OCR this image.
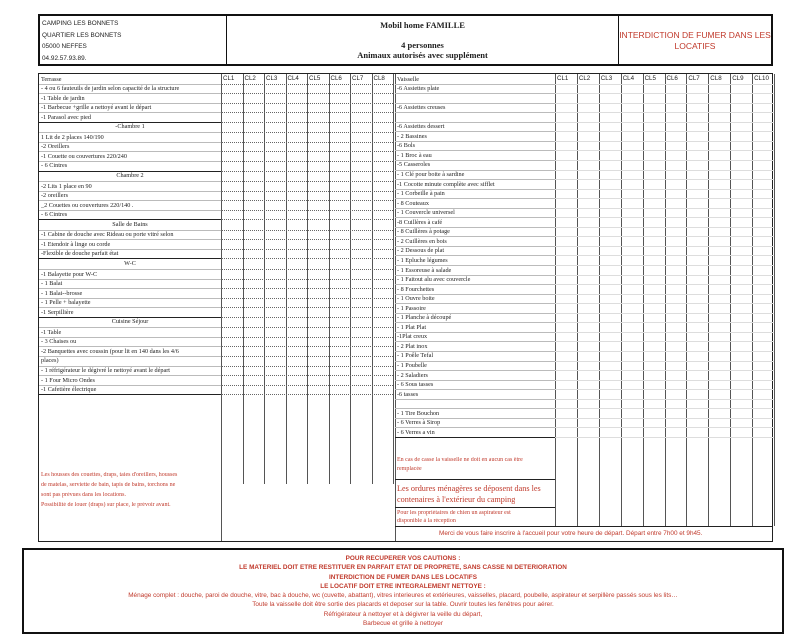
CAMPING LES BONNETS
QUARTIER LES BONNETS
05000 NEFFES
04.92.57.93.89.
Mobil home FAMILLE
4 personnes
Animaux autorisés avec supplément
INTERDICTION DE FUMER DANS LES LOCATIFS
CL1 CL2 CL3 CL4 CL5 CL6 CL7 CL8	CL1 CL2 CL3 CL4 CL5 CL6 CL7 CL8 CL9 CL10
Terrasse
- 4 ou 6 fauteuils de jardin selon capacité de la structure
-1 Table de jardin
-1 Barbecue +grille a nettoyé avant le départ
-1 Parasol avec pied
-Chambre 1
1 Lit de 2 places 140/190
-2 Oreillers
-1 Couette ou couvertures 220/240
- 6 Cintres
Chambre 2
-2 Lits 1 place en 90
-2 oreillers
_2 Couettes ou couvertures 220/140 .
- 6 Cintres
Salle de Bains
-1 Cabine de douche avec Rideau ou porte vitré selon
-1 Etendoir à linge ou corde
-Flexible de douche parfait état
W-C
-1 Balayette pour W-C
- 1 Balai
- 1 Balai--brosse
- 1 Pelle + balayette
-1 Serpillière
Cuisine Séjour
-1 Table
- 3 Chaises ou
-2 Banquettes avec coussin (pour lit en 140 dans les 4/6
places)
- 1 réfrigérateur le dégivré le nettoyé avant le départ
- 1 Four Micro Ondes
-1 Cafetière électrique
Les housses des couettes, draps, taies d'oreillers, housses
de matelas, serviette de bain, tapis de bains, torchons ne
sont pas prévues dans les locations.
Possibilité de louer (draps) sur place, le prévoir avant.
Vaisselle
-6 Assiettes plate
-6 Assiettes creuses
-6 Assiettes dessert
- 2 Bassines
-6 Bols
- 1 Broc à eau
-5 Casseroles
- 1 Clé pour boite à sardine
-1 Cocotte minute complète avec sifflet
- 1 Corbeille à pain
- 8 Couteaux
- 1 Couvercle universel
-8 Cuillères à café
- 8 Cuillères à potage
- 2 Cuillères en bois
- 2 Dessous de plat
- 1 Epluche légumes
- 1 Essoreuse à salade
- 1 Faitout alu avec couvercle
- 8 Fourchettes
- 1 Ouvre boite
- 1 Passoire
- 1 Planche à découpé
- 1 Plat Plat
-1Plat creux
- 2 Plat inox
- 1 Poêle Tefal
- 1 Poubelle
- 2 Saladiers
- 6 Sous tasses
-6 tasses
- 1 Tire Bouchon
- 6 Verres à Sirop
- 6 Verres a vin
En cas de casse la vaisselle ne doit en aucun cas être
remplacée
Les ordures ménagères se déposent dans les
contenaires à l'extérieur du camping
Pour les propriétaires de chien un aspirateur est
disponible à la réception
Merci de vous faire inscrire à l'accueil pour votre heure de départ. Départ entre 7h00 et 9h45.
POUR RECUPERER VOS CAUTIONS :
LE MATERIEL DOIT ETRE RESTITUER EN PARFAIT ETAT DE PROPRETE, SANS CASSE NI DETERIORATION
INTERDICTION DE FUMER DANS LES LOCATIFS
LE LOCATIF DOIT ETRE INTEGRALEMENT NETTOYE :
Ménage complet : douche, paroi de douche, vitre, bac à douche, wc (cuvette, abattant), vitres interieures et extérieures, vaisselles, placard, poubelle, aspirateur et serpillère passés sous les lits…
Toute la vaisselle doit être sortie des placards et deposer sur la table. Ouvrir toutes les fenêtres pour aérer.
Réfrigérateur à nettoyer et à dégivrer la veille du départ,
Barbecue et grille à nettoyer
